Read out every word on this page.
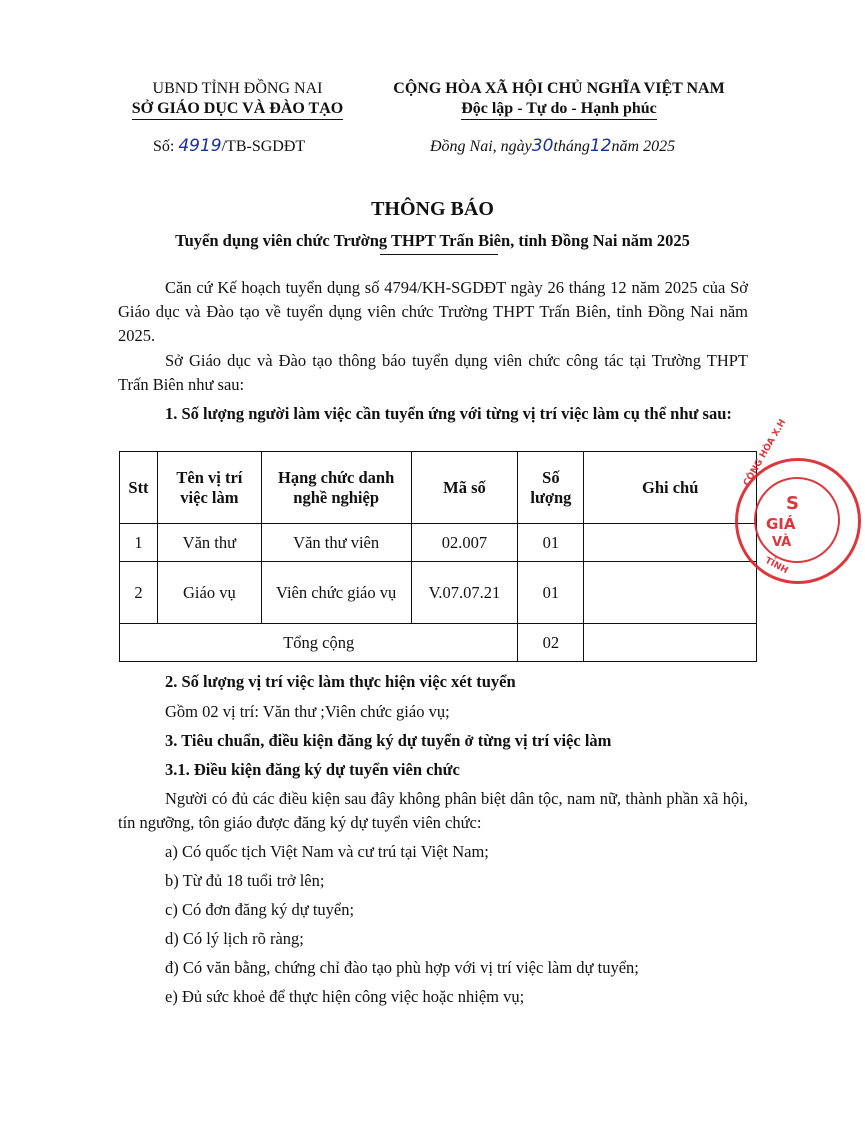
UBND TỈNH ĐỒNG NAI
SỞ GIÁO DỤC VÀ ĐÀO TẠO
Số: 4919/TB-SGDĐT
CỘNG HÒA XÃ HỘI CHỦ NGHĨA VIỆT NAM
Độc lập - Tự do - Hạnh phúc
Đồng Nai, ngày30tháng12năm 2025
THÔNG BÁO
Tuyển dụng viên chức Trường THPT Trấn Biên, tỉnh Đồng Nai năm 2025
Căn cứ Kế hoạch tuyển dụng số 4794/KH-SGDĐT ngày 26 tháng 12 năm 2025 của Sở Giáo dục và Đào tạo về tuyển dụng viên chức Trường THPT Trấn Biên, tỉnh Đồng Nai năm 2025.
Sở Giáo dục và Đào tạo thông báo tuyển dụng viên chức công tác tại Trường THPT Trấn Biên như sau:
1. Số lượng người làm việc cần tuyển ứng với từng vị trí việc làm cụ thể như sau:
Stt	Tên vị trí việc làm	Hạng chức danh nghề nghiệp	Mã số	Số lượng	Ghi chú
1	Văn thư	Văn thư viên	02.007	01	
2	Giáo vụ	Viên chức giáo vụ	V.07.07.21	01	
Tổng cộng				02	
CỘNG HÒA X.H
S
GIÁ
VÀ
TỈNH
2. Số lượng vị trí việc làm thực hiện việc xét tuyển
Gồm 02 vị trí: Văn thư ;Viên chức giáo vụ;
3. Tiêu chuẩn, điều kiện đăng ký dự tuyển ở từng vị trí việc làm
3.1. Điều kiện đăng ký dự tuyển viên chức
Người có đủ các điều kiện sau đây không phân biệt dân tộc, nam nữ, thành phần xã hội, tín ngưỡng, tôn giáo được đăng ký dự tuyển viên chức:
a) Có quốc tịch Việt Nam và cư trú tại Việt Nam;
b) Từ đủ 18 tuổi trở lên;
c) Có đơn đăng ký dự tuyển;
d) Có lý lịch rõ ràng;
đ) Có văn bằng, chứng chỉ đào tạo phù hợp với vị trí việc làm dự tuyển;
e) Đủ sức khoẻ để thực hiện công việc hoặc nhiệm vụ;
